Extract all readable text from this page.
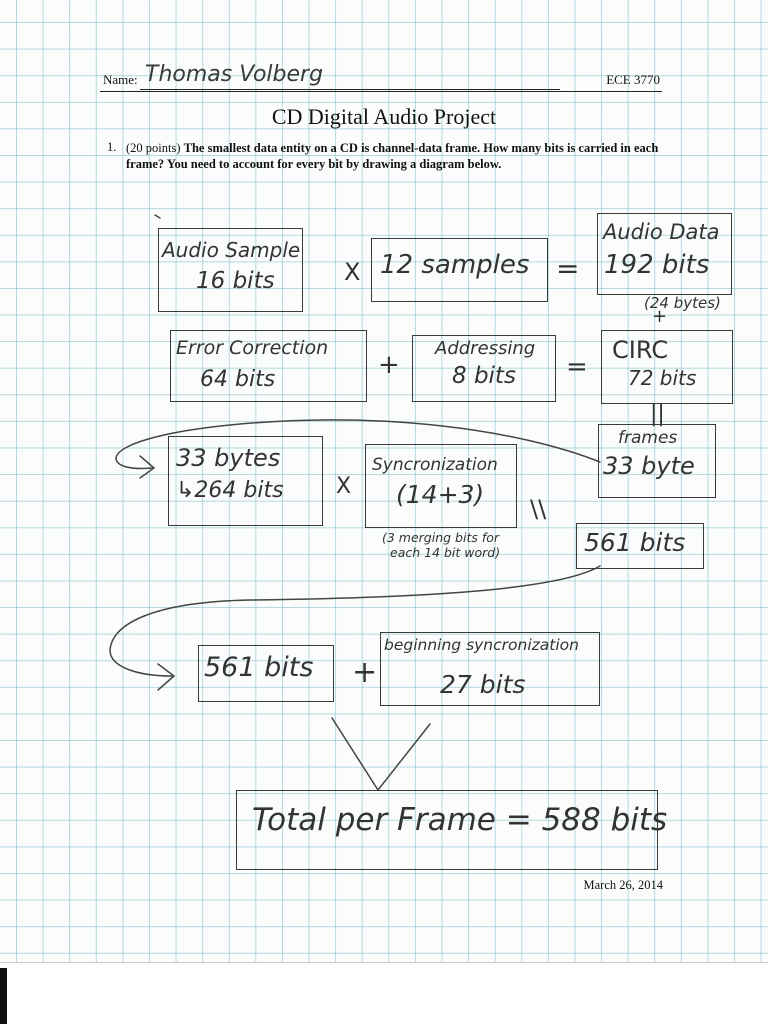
Name: Thomas Volberg	ECE 3770
CD Digital Audio Project
1. (20 points) The smallest data entity on a CD is channel-data frame. How many bits is carried in each frame? You need to account for every bit by drawing a diagram below.
Audio Sample
16 bits	X 12 samples =
Audio Data
192 bits
(24 bytes)
+
Error Correction
64 bits	+
Addressing
8 bits =
CIRC
72 bits
||
frames
33 byte
33 bytes
↳264 bits X
Syncronization
(14+3)
(3 merging bits for
each 14 bit word)
\\
561 bits
561 bits +
beginning syncronization
27 bits
Total per Frame = 588 bits
March 26, 2014
